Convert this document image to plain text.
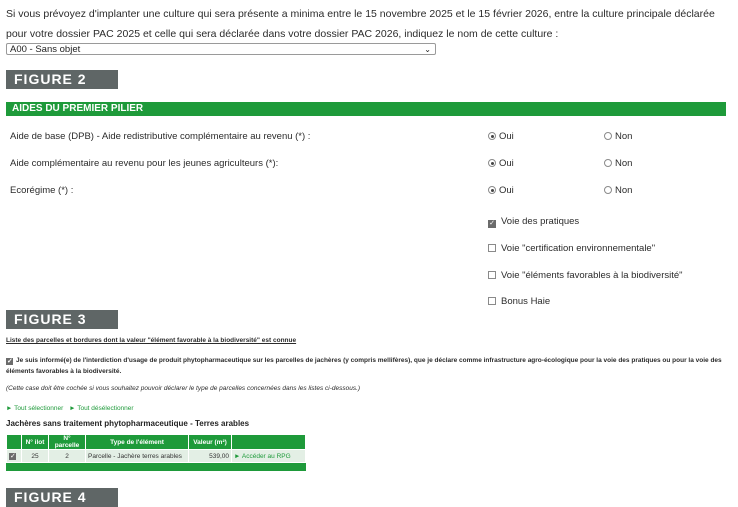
Si vous prévoyez d'implanter une culture qui sera présente a minima entre le 15 novembre 2025 et le 15 février 2026, entre la culture principale déclarée pour votre dossier PAC 2025 et celle qui sera déclarée dans votre dossier PAC 2026, indiquez le nom de cette culture :
A00 - Sans objet	⌄
FIGURE 2
AIDES DU PREMIER PILIER
Aide de base (DPB) - Aide redistributive complémentaire au revenu (*) :	Oui	Non
Aide complémentaire au revenu pour les jeunes agriculteurs (*):	Oui	Non
Ecorégime (*) :	Oui	Non
✓ Voie des pratiques
Voie "certification environnementale"
Voie "éléments favorables à la biodiversité"
Bonus Haie
FIGURE 3
Liste des parcelles et bordures dont la valeur "élément favorable à la biodiversité" est connue
✓ Je suis informé(e) de l'interdiction d'usage de produit phytopharmaceutique sur les parcelles de jachères (y compris mellifères), que je déclare comme infrastructure agro-écologique pour la voie des pratiques ou pour la voie des éléments favorables à la biodiversité.
(Cette case doit être cochée si vous souhaitez pouvoir déclarer le type de parcelles concernées dans les listes ci-dessous.)
► Tout sélectionner ► Tout désélectionner
Jachères sans traitement phytopharmaceutique - Terres arables
	N° ilot	N° parcelle	Type de l'élément	Valeur (m²)	
✓	25	2	Parcelle - Jachère terres arables	539,00	► Accéder au RPG
FIGURE 4
